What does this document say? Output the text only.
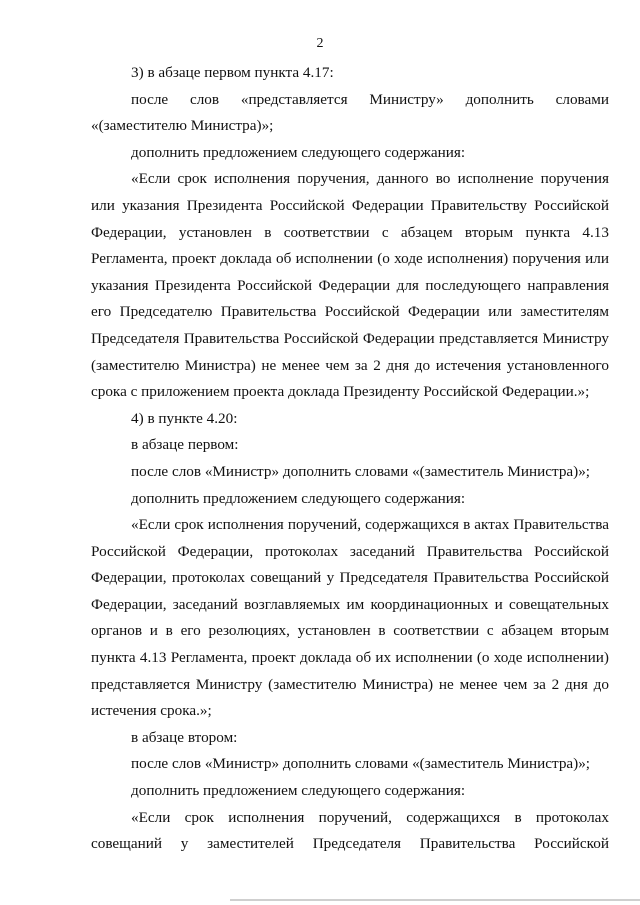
2

3) в абзаце первом пункта 4.17:

после слов «представляется Министру» дополнить словами «(заместителю Министра)»;

дополнить предложением следующего содержания:

«Если срок исполнения поручения, данного во исполнение поручения или указания Президента Российской Федерации Правительству Российской Федерации, установлен в соответствии с абзацем вторым пункта 4.13 Регламента, проект доклада об исполнении (о ходе исполнения) поручения или указания Президента Российской Федерации для последующего направления его Председателю Правительства Российской Федерации или заместителям Председателя Правительства Российской Федерации представляется Министру (заместителю Министра) не менее чем за 2 дня до истечения установленного срока с приложением проекта доклада Президенту Российской Федерации.»;

4) в пункте 4.20:

в абзаце первом:

после слов «Министр» дополнить словами «(заместитель Министра)»;

дополнить предложением следующего содержания:

«Если срок исполнения поручений, содержащихся в актах Правительства Российской Федерации, протоколах заседаний Правительства Российской Федерации, протоколах совещаний у Председателя Правительства Российской Федерации, заседаний возглавляемых им координационных и совещательных органов и в его резолюциях, установлен в соответствии с абзацем вторым пункта 4.13 Регламента, проект доклада об их исполнении (о ходе исполнении) представляется Министру (заместителю Министра) не менее чем за 2 дня до истечения срока.»;

в абзаце втором:

после слов «Министр» дополнить словами «(заместитель Министра)»;

дополнить предложением следующего содержания:

«Если срок исполнения поручений, содержащихся в протоколах совещаний у заместителей Председателя Правительства Российской
